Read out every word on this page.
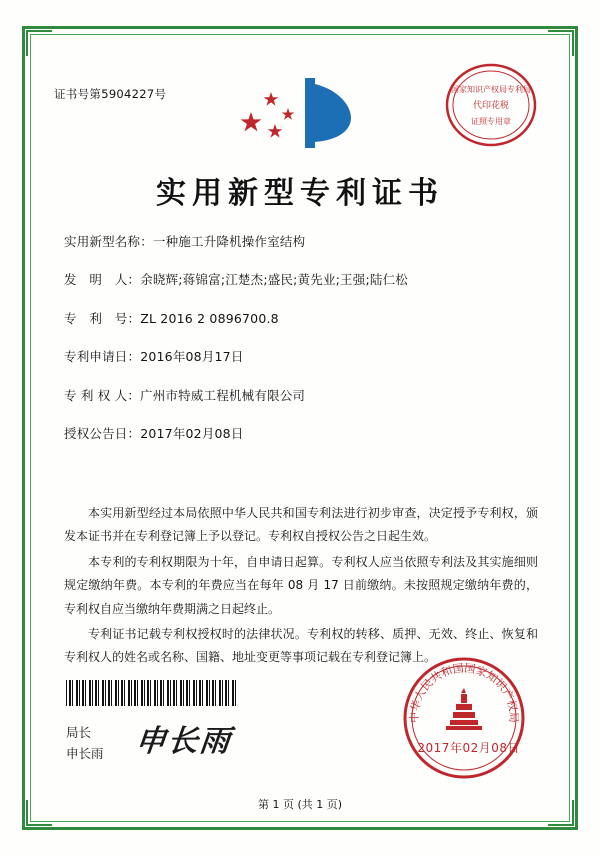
证书号第5904227号	国家知识产权局专利局
代印花税
证照专用章
实用新型专利证书
实用新型名称：一种施工升降机操作室结构
发　明　人：余晓辉;蒋锦富;江楚杰;盛民;黄先业;王强;陆仁松
专　利　号：ZL 2016 2 0896700.8
专利申请日：2016年08月17日
专 利 权 人：广州市特威工程机械有限公司
授权公告日：2017年02月08日

本实用新型经过本局依照中华人民共和国专利法进行初步审查，决定授予专利权，颁发本证书并在专利登记簿上予以登记。专利权自授权公告之日起生效。

本专利的专利权期限为十年，自申请日起算。专利权人应当依照专利法及其实施细则规定缴纳年费。本专利的年费应当在每年 08 月 17 日前缴纳。未按照规定缴纳年费的，专利权自应当缴纳年费期满之日起终止。

专利证书记载专利权授权时的法律状况。专利权的转移、质押、无效、终止、恢复和专利权人的姓名或名称、国籍、地址变更等事项记载在专利登记簿上。

局长
申长雨 申长雨
中华人民共和国国家知识产权局
2017年02月08日
第 1 页 (共 1 页)
